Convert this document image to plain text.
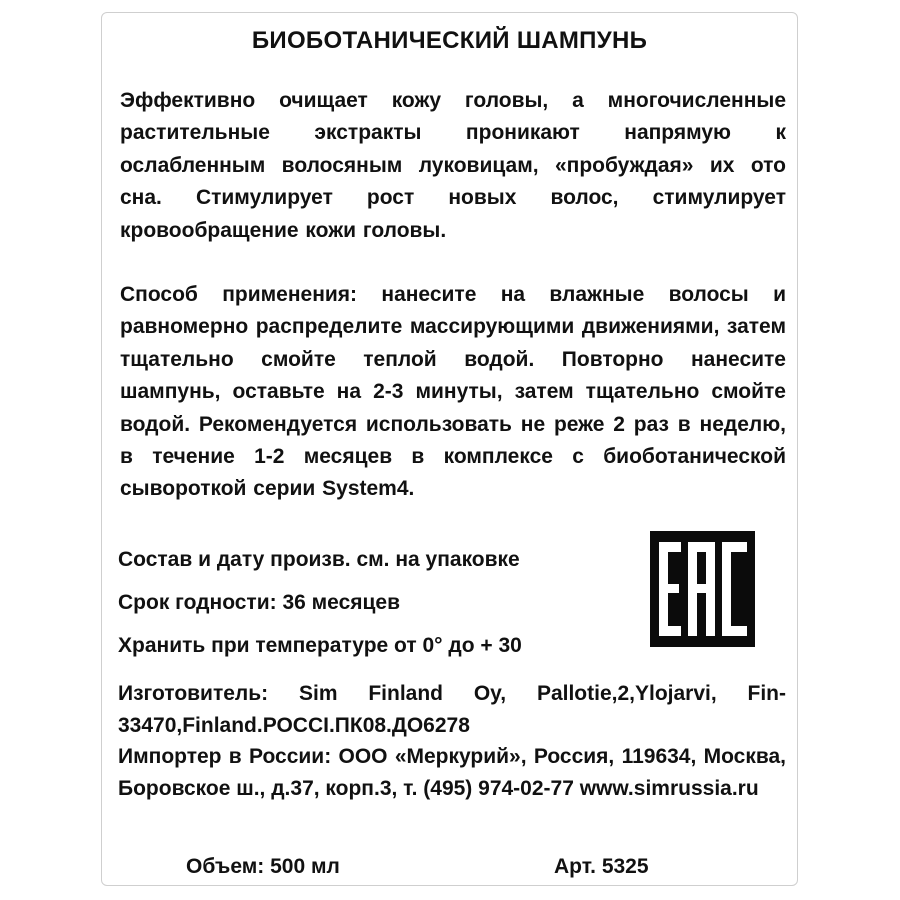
БИОБОТАНИЧЕСКИЙ ШАМПУНЬ
Эффективно очищает кожу головы, а многочисленные растительные экстракты проникают напрямую к ослабленным волосяным луковицам, «пробуждая» их ото сна. Стимулирует рост новых волос, стимулирует кровообращение кожи головы.
Способ применения: нанесите на влажные волосы и равномерно распределите массирующими движениями, затем тщательно смойте теплой водой. Повторно нанесите шампунь, оставьте на 2-3 минуты, затем тщательно смойте водой. Рекомендуется использовать не реже 2 раз в неделю, в течение 1-2 месяцев в комплексе с биоботанической сывороткой серии System4.
Состав и дату произв. см. на упаковке
Срок годности: 36 месяцев
Хранить при температуре от 0° до + 30
Изготовитель: Sim Finland Oy, Pallotie,2,Ylojarvi, Fin-33470,Finland.РОССI.ПК08.ДО6278
Импортер в России: ООО «Меркурий», Россия, 119634, Москва, Боровское ш., д.37, корп.3, т. (495) 974-02-77 www.simrussia.ru
Объем: 500 мл	Арт. 5325
